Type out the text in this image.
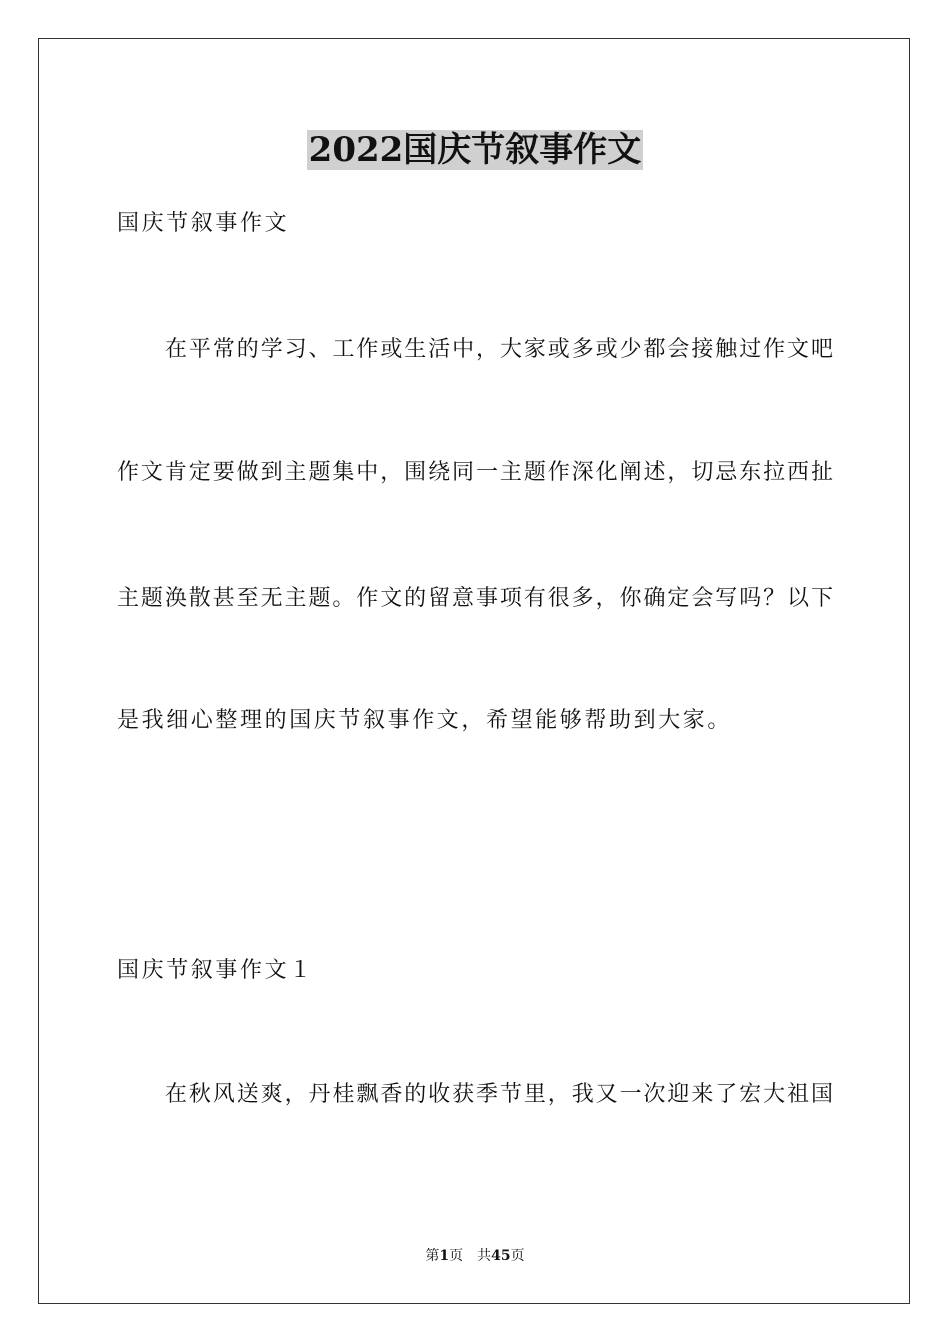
2022国庆节叙事作文
国庆节叙事作文
在平常的学习、工作或生活中，大家或多或少都会接触过作文吧
作文肯定要做到主题集中，围绕同一主题作深化阐述，切忌东拉西扯
主题涣散甚至无主题。作文的留意事项有很多，你确定会写吗？以下
是我细心整理的国庆节叙事作文，希望能够帮助到大家。
国庆节叙事作文１
在秋风送爽，丹桂飘香的收获季节里，我又一次迎来了宏大祖国
第1页　共45页
